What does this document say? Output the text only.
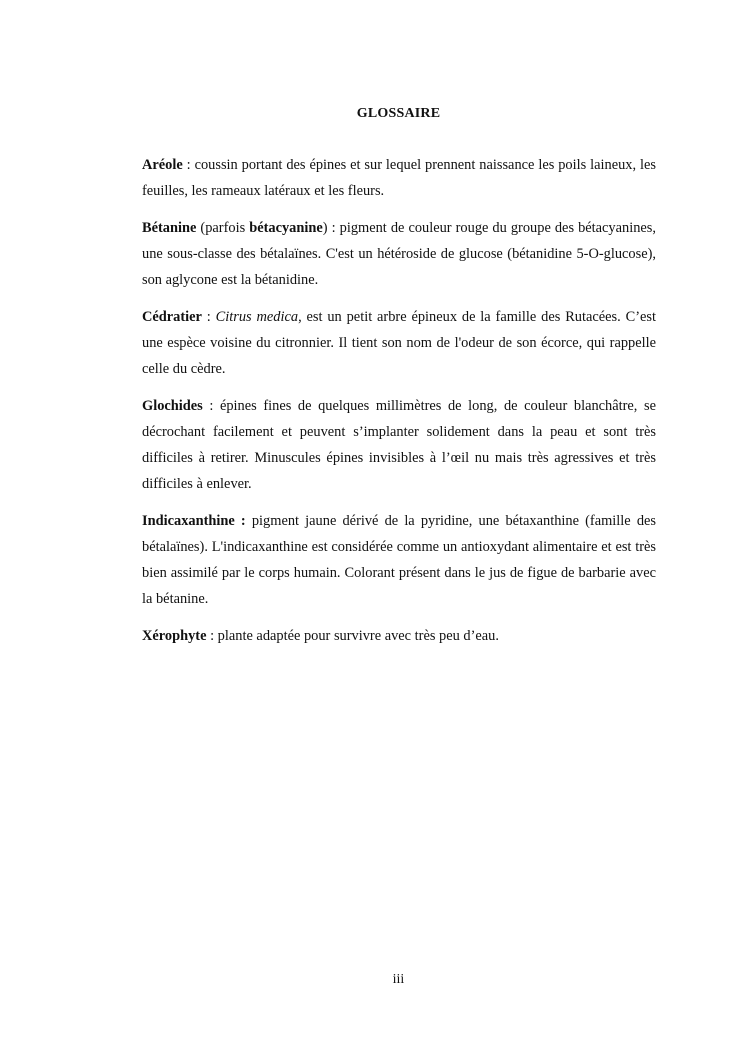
GLOSSAIRE

Aréole : coussin portant des épines et sur lequel prennent naissance les poils laineux, les feuilles, les rameaux latéraux et les fleurs.

Bétanine (parfois bétacyanine) : pigment de couleur rouge du groupe des bétacyanines, une sous-classe des bétalaïnes. C'est un hétéroside de glucose (bétanidine 5-O-glucose), son aglycone est la bétanidine.

Cédratier : Citrus medica, est un petit arbre épineux de la famille des Rutacées. C’est une espèce voisine du citronnier. Il tient son nom de l'odeur de son écorce, qui rappelle celle du cèdre.

Glochides : épines fines de quelques millimètres de long, de couleur blanchâtre, se décrochant facilement et peuvent s’implanter solidement dans la peau et sont très difficiles à retirer. Minuscules épines invisibles à l’œil nu mais très agressives et très difficiles à enlever.

Indicaxanthine : pigment jaune dérivé de la pyridine, une bétaxanthine (famille des bétalaïnes). L'indicaxanthine est considérée comme un antioxydant alimentaire et est très bien assimilé par le corps humain. Colorant présent dans le jus de figue de barbarie avec la bétanine.

Xérophyte : plante adaptée pour survivre avec très peu d’eau.

iii
